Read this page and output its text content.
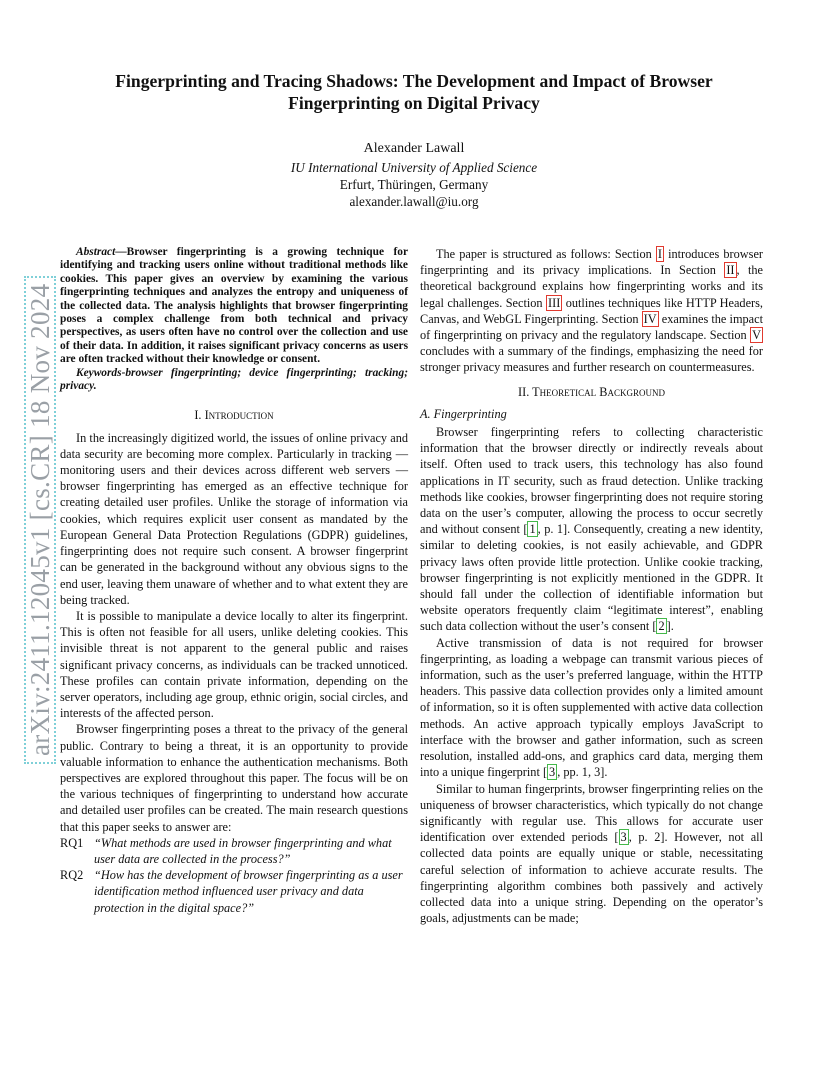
Fingerprinting and Tracing Shadows: The Development and Impact of Browser Fingerprinting on Digital Privacy
Alexander Lawall
IU International University of Applied Science
Erfurt, Thüringen, Germany
alexander.lawall@iu.org
arXiv:2411.12045v1 [cs.CR] 18 Nov 2024

Abstract—Browser fingerprinting is a growing technique for identifying and tracking users online without traditional methods like cookies. This paper gives an overview by examining the various fingerprinting techniques and analyzes the entropy and uniqueness of the collected data. The analysis highlights that browser fingerprinting poses a complex challenge from both technical and privacy perspectives, as users often have no control over the collection and use of their data. In addition, it raises significant privacy concerns as users are often tracked without their knowledge or consent.

Keywords-browser fingerprinting; device fingerprinting; tracking; privacy.

I. Introduction

In the increasingly digitized world, the issues of online privacy and data security are becoming more complex. Particularly in tracking — monitoring users and their devices across different web servers — browser fingerprinting has emerged as an effective technique for creating detailed user profiles. Unlike the storage of information via cookies, which requires explicit user consent as mandated by the European General Data Protection Regulations (GDPR) guidelines, fingerprinting does not require such consent. A browser fingerprint can be generated in the background without any obvious signs to the end user, leaving them unaware of whether and to what extent they are being tracked.

It is possible to manipulate a device locally to alter its fingerprint. This is often not feasible for all users, unlike deleting cookies. This invisible threat is not apparent to the general public and raises significant privacy concerns, as individuals can be tracked unnoticed. These profiles can contain private information, depending on the server operators, including age group, ethnic origin, social circles, and interests of the affected person.

Browser fingerprinting poses a threat to the privacy of the general public. Contrary to being a threat, it is an opportunity to provide valuable information to enhance the authentication mechanisms. Both perspectives are explored throughout this paper. The focus will be on the various techniques of fingerprinting to understand how accurate and detailed user profiles can be created. The main research questions that this paper seeks to answer are:

RQ1 “What methods are used in browser fingerprinting and what user data are collected in the process?”
RQ2 “How has the development of browser fingerprinting as a user identification method influenced user privacy and data protection in the digital space?”

The paper is structured as follows: Section I introduces browser fingerprinting and its privacy implications. In Section II , the theoretical background explains how fingerprinting works and its legal challenges. Section III outlines techniques like HTTP Headers, Canvas, and WebGL Fingerprinting. Section IV examines the impact of fingerprinting on privacy and the regulatory landscape. Section V concludes with a summary of the findings, emphasizing the need for stronger privacy measures and further research on countermeasures.

II. Theoretical Background
A. Fingerprinting

Browser fingerprinting refers to collecting characteristic information that the browser directly or indirectly reveals about itself. Often used to track users, this technology has also found applications in IT security, such as fraud detection. Unlike tracking methods like cookies, browser fingerprinting does not require storing data on the user’s computer, allowing the process to occur secretly and without consent [ 1 , p. 1]. Consequently, creating a new identity, similar to deleting cookies, is not easily achievable, and GDPR privacy laws often provide little protection. Unlike cookie tracking, browser fingerprinting is not explicitly mentioned in the GDPR. It should fall under the collection of identifiable information but website operators frequently claim “legitimate interest”, enabling such data collection without the user’s consent [ 2 ].

Active transmission of data is not required for browser fingerprinting, as loading a webpage can transmit various pieces of information, such as the user’s preferred language, within the HTTP headers. This passive data collection provides only a limited amount of information, so it is often supplemented with active data collection methods. An active approach typically employs JavaScript to interface with the browser and gather information, such as screen resolution, installed add-ons, and graphics card data, merging them into a unique fingerprint [ 3 , pp. 1, 3].

Similar to human fingerprints, browser fingerprinting relies on the uniqueness of browser characteristics, which typically do not change significantly with regular use. This allows for accurate user identification over extended periods [ 3 , p. 2]. However, not all collected data points are equally unique or stable, necessitating careful selection of information to achieve accurate results. The fingerprinting algorithm combines both passively and actively collected data into a unique string. Depending on the operator’s goals, adjustments can be made;
